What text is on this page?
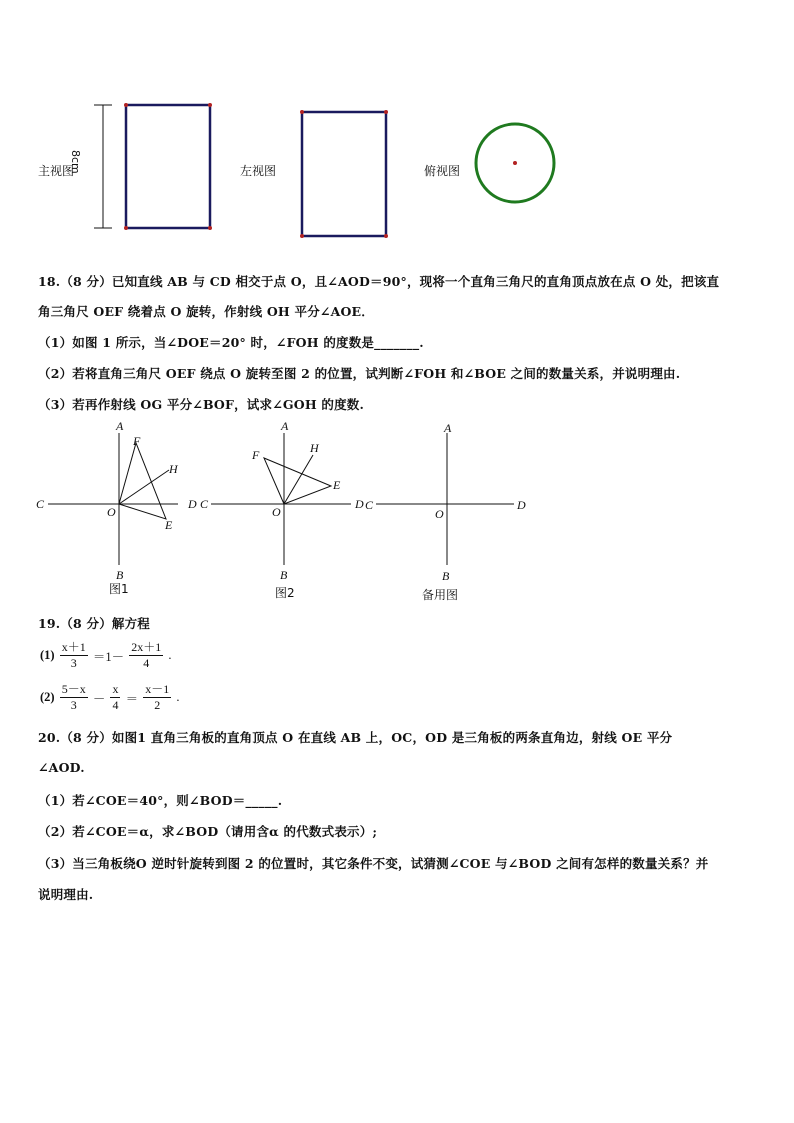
主视图	左视图	俯视图
8cm
18.（8 分）已知直线 AB 与 CD 相交于点 O，且∠AOD＝90°，现将一个直角三角尺的直角顶点放在点 O 处，把该直
角三角尺 OEF 绕着点 O 旋转，作射线 OH 平分∠AOE．
（1）如图 1 所示，当∠DOE＝20° 时，∠FOH 的度数是_______.
（2）若将直角三角尺 OEF 绕点 O 旋转至图 2 的位置，试判断∠FOH 和∠BOE 之间的数量关系，并说明理由.
（3）若再作射线 OG 平分∠BOF，试求∠GOH 的度数.
A
F
H
C	D
O
E
B
A
H
F
E
C	D
O
B
A
C	D
O
B
图1	图2	备用图
19.（8 分）解方程
$(1) \frac{x+1}{3} =1- \frac{2x+1}{4}$ .
$(2) \frac{5-x}{3} - \frac{x}{4} = \frac{x-1}{2}$ .
20.（8 分）如图1 直角三角板的直角顶点 O 在直线 AB 上，OC，OD 是三角板的两条直角边，射线 OE 平分
∠AOD.
（1）若∠COE＝40°，则∠BOD＝_____.
（2）若∠COE＝α，求∠BOD（请用含α 的代数式表示）;
（3）当三角板绕O 逆时针旋转到图 2 的位置时，其它条件不变，试猜测∠COE 与∠BOD 之间有怎样的数量关系？并
说明理由.
